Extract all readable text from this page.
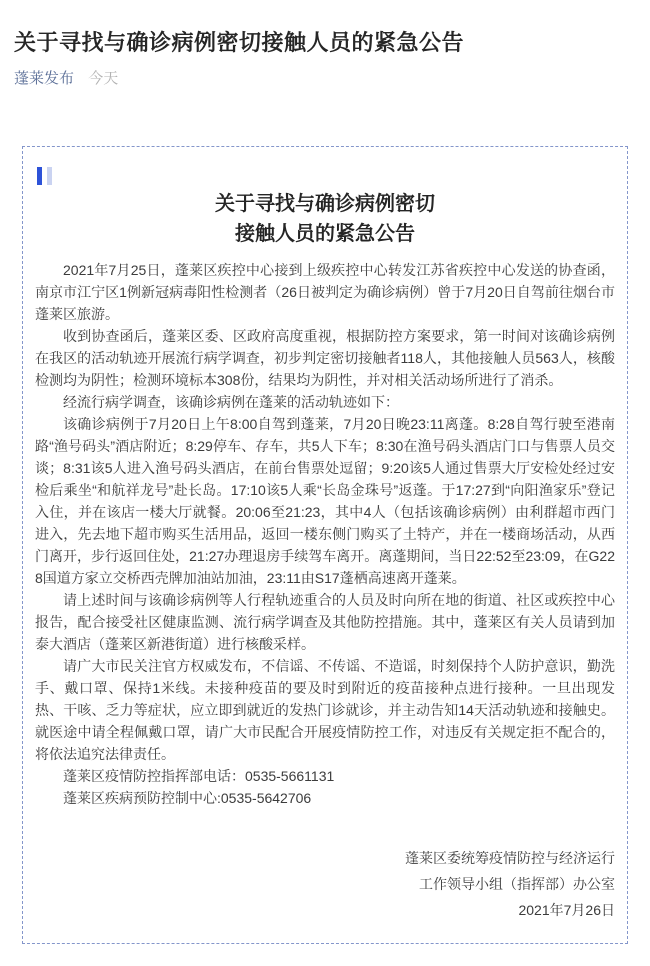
关于寻找与确诊病例密切接触人员的紧急公告
蓬莱发布 今天
关于寻找与确诊病例密切
接触人员的紧急公告

2021年7月25日，蓬莱区疾控中心接到上级疾控中心转发江苏省疾控中心发送的协查函，南京市江宁区1例新冠病毒阳性检测者（26日被判定为确诊病例）曾于7月20日自驾前往烟台市蓬莱区旅游。

收到协查函后，蓬莱区委、区政府高度重视，根据防控方案要求，第一时间对该确诊病例在我区的活动轨迹开展流行病学调查，初步判定密切接触者118人，其他接触人员563人，核酸检测均为阴性；检测环境标本308份，结果均为阴性，并对相关活动场所进行了消杀。

经流行病学调查，该确诊病例在蓬莱的活动轨迹如下：

该确诊病例于7月20日上午8:00自驾到蓬莱，7月20日晚23:11离蓬。8:28自驾行驶至港南路“渔号码头”酒店附近；8:29停车、存车，共5人下车；8:30在渔号码头酒店门口与售票人员交谈；8:31该5人进入渔号码头酒店，在前台售票处逗留；9:20该5人通过售票大厅安检处经过安检后乘坐“和航祥龙号”赴长岛。17:10该5人乘“长岛金珠号”返蓬。于17:27到“向阳渔家乐”登记入住，并在该店一楼大厅就餐。20:06至21:23，其中4人（包括该确诊病例）由利群超市西门进入，先去地下超市购买生活用品，返回一楼东侧门购买了土特产，并在一楼商场活动，从西门离开，步行返回住处，21:27办理退房手续驾车离开。离蓬期间，当日22:52至23:09，在G228国道方家立交桥西壳牌加油站加油，23:11由S17蓬栖高速离开蓬莱。

请上述时间与该确诊病例等人行程轨迹重合的人员及时向所在地的街道、社区或疾控中心报告，配合接受社区健康监测、流行病学调查及其他防控措施。其中，蓬莱区有关人员请到加泰大酒店（蓬莱区新港街道）进行核酸采样。

请广大市民关注官方权威发布，不信谣、不传谣、不造谣，时刻保持个人防护意识，勤洗手、戴口罩、保持1米线。未接种疫苗的要及时到附近的疫苗接种点进行接种。一旦出现发热、干咳、乏力等症状，应立即到就近的发热门诊就诊，并主动告知14天活动轨迹和接触史。就医途中请全程佩戴口罩，请广大市民配合开展疫情防控工作，对违反有关规定拒不配合的，将依法追究法律责任。

蓬莱区疫情防控指挥部电话：0535-5661131

蓬莱区疾病预防控制中心:0535-5642706

蓬莱区委统筹疫情防控与经济运行
工作领导小组（指挥部）办公室
2021年7月26日
